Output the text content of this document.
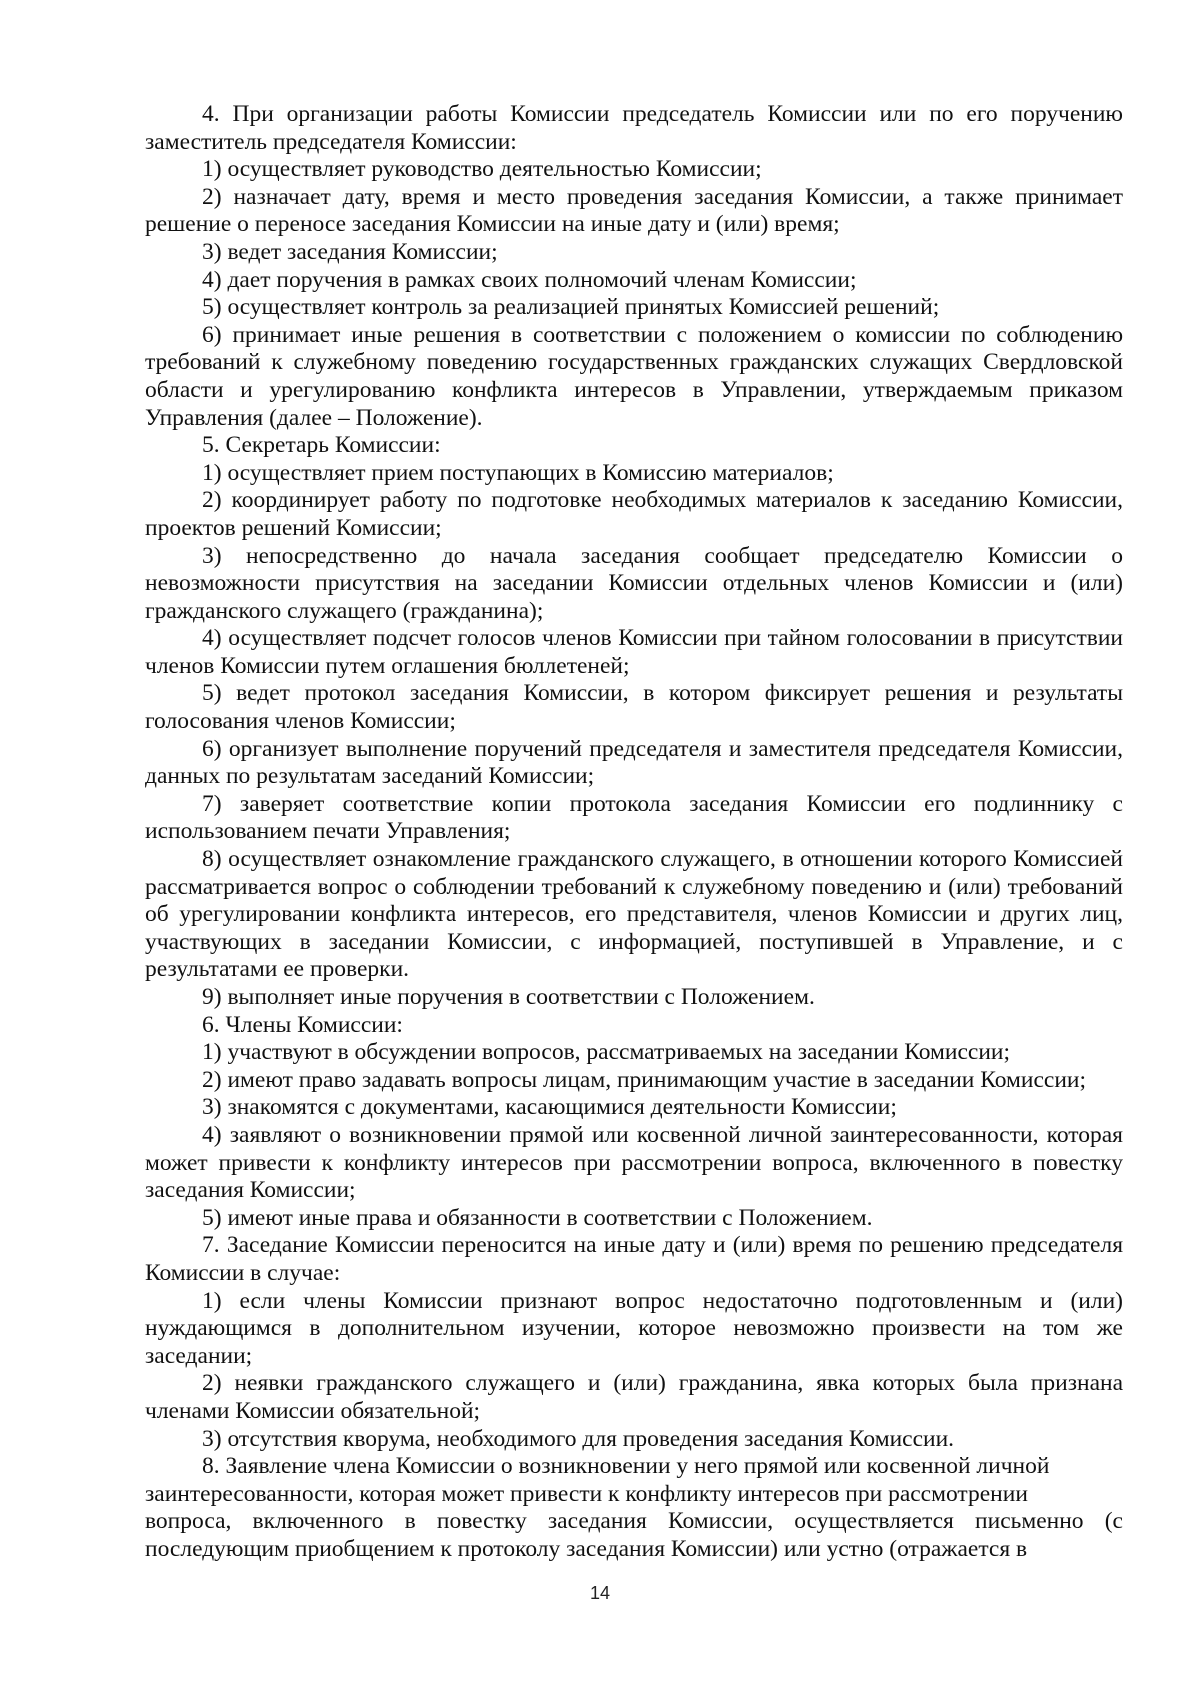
4. При организации работы Комиссии председатель Комиссии или по его поручению заместитель председателя Комиссии:

1) осуществляет руководство деятельностью Комиссии;

2) назначает дату, время и место проведения заседания Комиссии, а также принимает решение о переносе заседания Комиссии на иные дату и (или) время;

3) ведет заседания Комиссии;

4) дает поручения в рамках своих полномочий членам Комиссии;

5) осуществляет контроль за реализацией принятых Комиссией решений;

6) принимает иные решения в соответствии с положением о комиссии по соблюдению требований к служебному поведению государственных гражданских служащих Свердловской области и урегулированию конфликта интересов в Управлении, утверждаемым приказом Управления (далее – Положение).

5. Секретарь Комиссии:

1) осуществляет прием поступающих в Комиссию материалов;

2) координирует работу по подготовке необходимых материалов к заседанию Комиссии, проектов решений Комиссии;

3) непосредственно до начала заседания сообщает председателю Комиссии о невозможности присутствия на заседании Комиссии отдельных членов Комиссии и (или) гражданского служащего (гражданина);

4) осуществляет подсчет голосов членов Комиссии при тайном голосовании в присутствии членов Комиссии путем оглашения бюллетеней;

5) ведет протокол заседания Комиссии, в котором фиксирует решения и результаты голосования членов Комиссии;

6) организует выполнение поручений председателя и заместителя председателя Комиссии, данных по результатам заседаний Комиссии;

7) заверяет соответствие копии протокола заседания Комиссии его подлиннику с использованием печати Управления;

8) осуществляет ознакомление гражданского служащего, в отношении которого Комиссией рассматривается вопрос о соблюдении требований к служебному поведению и (или) требований об урегулировании конфликта интересов, его представителя, членов Комиссии и других лиц, участвующих в заседании Комиссии, с информацией, поступившей в Управление, и с результатами ее проверки.

9) выполняет иные поручения в соответствии с Положением.

6. Члены Комиссии:

1) участвуют в обсуждении вопросов, рассматриваемых на заседании Комиссии;

2) имеют право задавать вопросы лицам, принимающим участие в заседании Комиссии;

3) знакомятся с документами, касающимися деятельности Комиссии;

4) заявляют о возникновении прямой или косвенной личной заинтересованности, которая может привести к конфликту интересов при рассмотрении вопроса, включенного в повестку заседания Комиссии;

5) имеют иные права и обязанности в соответствии с Положением.

7. Заседание Комиссии переносится на иные дату и (или) время по решению председателя Комиссии в случае:

1) если члены Комиссии признают вопрос недостаточно подготовленным и (или) нуждающимся в дополнительном изучении, которое невозможно произвести на том же заседании;

2) неявки гражданского служащего и (или) гражданина, явка которых была признана членами Комиссии обязательной;

3) отсутствия кворума, необходимого для проведения заседания Комиссии.

8. Заявление члена Комиссии о возникновении у него прямой или косвенной личной
заинтересованности, которая может привести к конфликту интересов при рассмотрении

вопроса, включенного в повестку заседания Комиссии, осуществляется письменно (с последующим приобщением к протоколу заседания Комиссии) или устно (отражается в

14
